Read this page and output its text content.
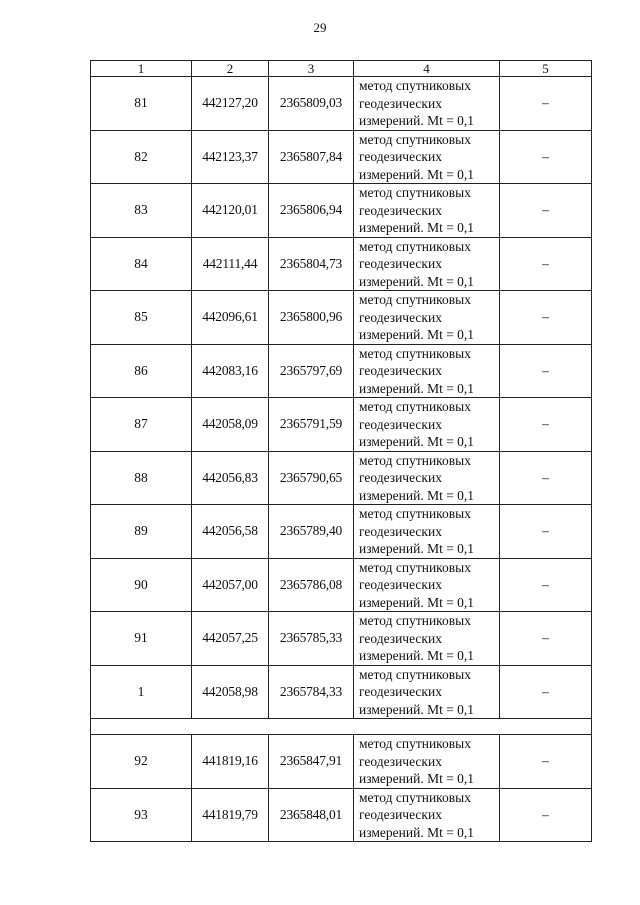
29
1	2	3	4	5
81	442127,20	2365809,03	метод спутниковых
геодезических
измерений. Mt = 0,1	–
82	442123,37	2365807,84	метод спутниковых
геодезических
измерений. Mt = 0,1	–
83	442120,01	2365806,94	метод спутниковых
геодезических
измерений. Mt = 0,1	–
84	442111,44	2365804,73	метод спутниковых
геодезических
измерений. Mt = 0,1	–
85	442096,61	2365800,96	метод спутниковых
геодезических
измерений. Mt = 0,1	–
86	442083,16	2365797,69	метод спутниковых
геодезических
измерений. Mt = 0,1	–
87	442058,09	2365791,59	метод спутниковых
геодезических
измерений. Mt = 0,1	–
88	442056,83	2365790,65	метод спутниковых
геодезических
измерений. Mt = 0,1	–
89	442056,58	2365789,40	метод спутниковых
геодезических
измерений. Mt = 0,1	–
90	442057,00	2365786,08	метод спутниковых
геодезических
измерений. Mt = 0,1	–
91	442057,25	2365785,33	метод спутниковых
геодезических
измерений. Mt = 0,1	–
1	442058,98	2365784,33	метод спутниковых
геодезических
измерений. Mt = 0,1	–

92	441819,16	2365847,91	метод спутниковых
геодезических
измерений. Mt = 0,1	–
93	441819,79	2365848,01	метод спутниковых
геодезических
измерений. Mt = 0,1	–
